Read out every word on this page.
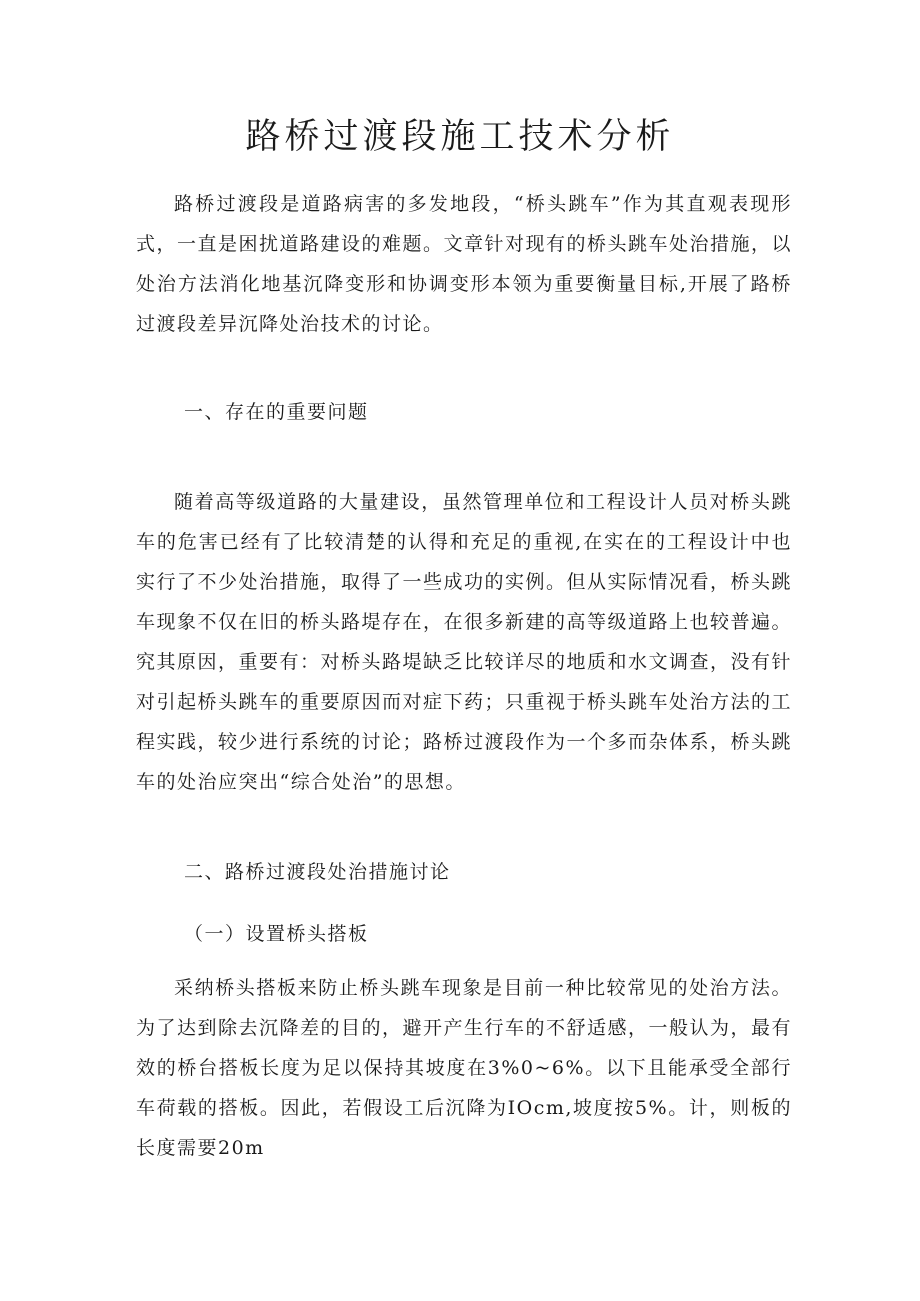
路桥过渡段施工技术分析

路桥过渡段是道路病害的多发地段，“桥头跳车”作为其直观表现形式，一直是困扰道路建设的难题。文章针对现有的桥头跳车处治措施，以处治方法消化地基沉降变形和协调变形本领为重要衡量目标,开展了路桥过渡段差异沉降处治技术的讨论。

一、存在的重要问题

随着高等级道路的大量建设，虽然管理单位和工程设计人员对桥头跳车的危害已经有了比较清楚的认得和充足的重视,在实在的工程设计中也实行了不少处治措施，取得了一些成功的实例。但从实际情况看，桥头跳车现象不仅在旧的桥头路堤存在，在很多新建的高等级道路上也较普遍。究其原因，重要有：对桥头路堤缺乏比较详尽的地质和水文调查，没有针对引起桥头跳车的重要原因而对症下药；只重视于桥头跳车处治方法的工程实践，较少进行系统的讨论；路桥过渡段作为一个多而杂体系，桥头跳车的处治应突出“综合处治”的思想。

二、路桥过渡段处治措施讨论
（一）设置桥头搭板

采纳桥头搭板来防止桥头跳车现象是目前一种比较常见的处治方法。为了达到除去沉降差的目的，避开产生行车的不舒适感，一般认为，最有效的桥台搭板长度为足以保持其坡度在3%0~6%。以下且能承受全部行车荷载的搭板。因此，若假设工后沉降为IOcm,坡度按5%。计，则板的长度需要20m
